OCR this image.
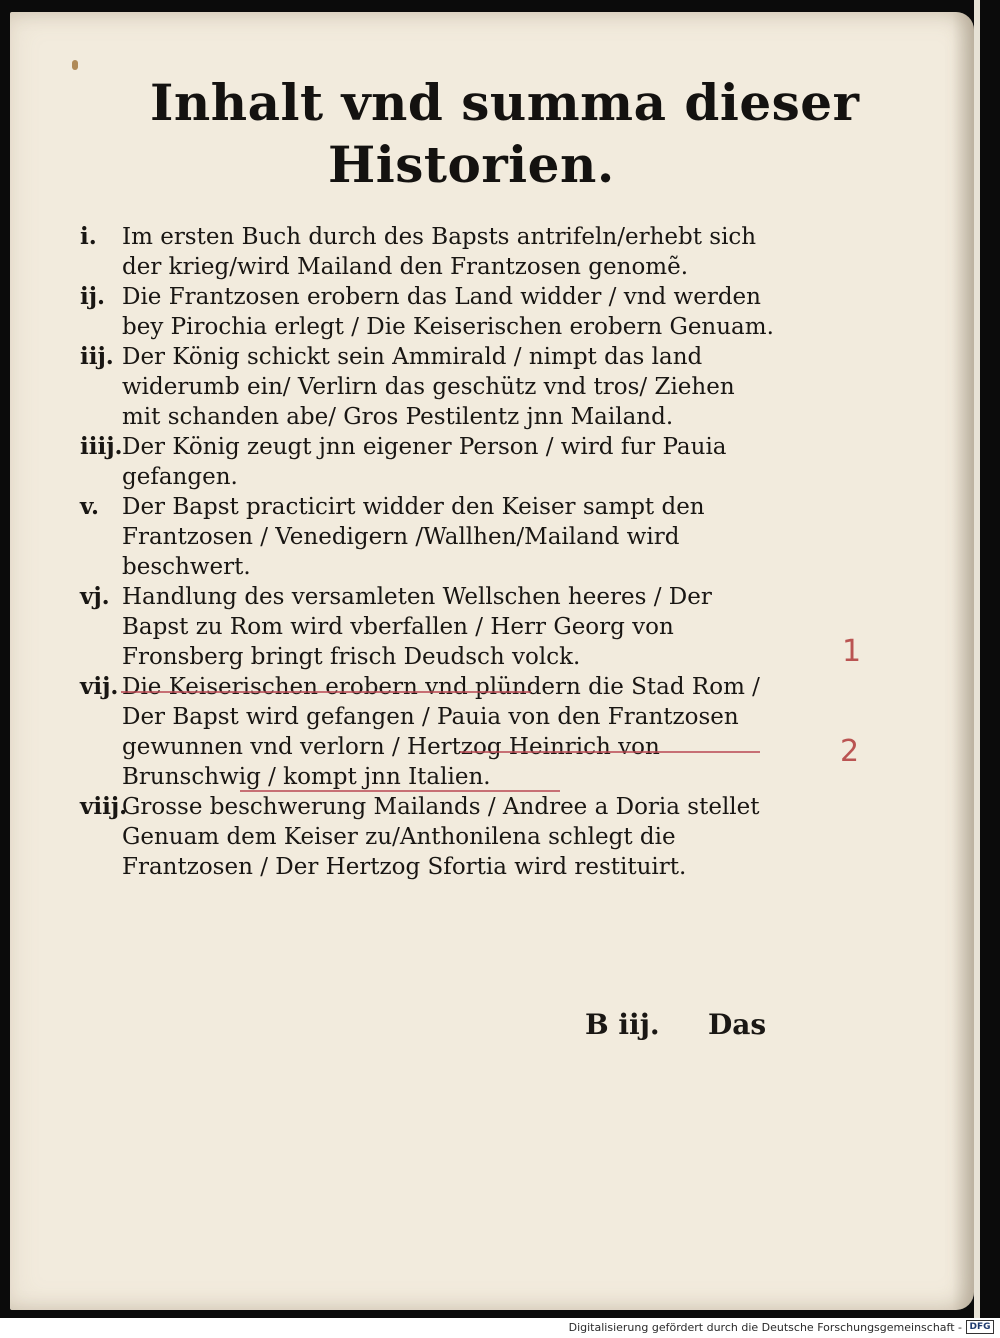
Inhalt vnd summa dieser
Historien.
i.	Im ersten Buch durch des Bapsts antrifeln/erhebt sich der krieg/wird Mailand den Frantzosen genomẽ.
ij. Die Frantzosen erobern das Land widder / vnd werden bey Pirochia erlegt / Die Keiserischen erobern Genuam.
iij. Der König schickt sein Ammirald / nimpt das land widerumb ein/ Verlirn das geschütz vnd tros/ Ziehen mit schanden abe/ Gros Pestilentz jnn Mailand.
iiij. Der König zeugt jnn eigener Person / wird fur Pauia gefangen.
v. Der Bapst practicirt widder den Keiser sampt den Frantzosen / Venedigern /Wallhen/Mailand wird beschwert.
vj. Handlung des versamleten Wellschen heeres / Der Bapst zu Rom wird vberfallen / Herr Georg von Fronsberg bringt frisch Deudsch volck.
vij. Die Keiserischen erobern vnd plündern die Stad Rom / Der Bapst wird gefangen / Pauia von den Frantzosen gewunnen vnd verlorn / Hertzog Heinrich von Brunschwig / kompt jnn Italien.
viij.
Grosse beschwerung Mailands / Andree a Doria stellet Genuam dem Keiser zu/Anthonilena schlegt die Frantzosen / Der Hertzog Sfortia wird restituirt.
1
2
B iij. Das
Digitalisierung gefördert durch die Deutsche Forschungsgemeinschaft - DFG
